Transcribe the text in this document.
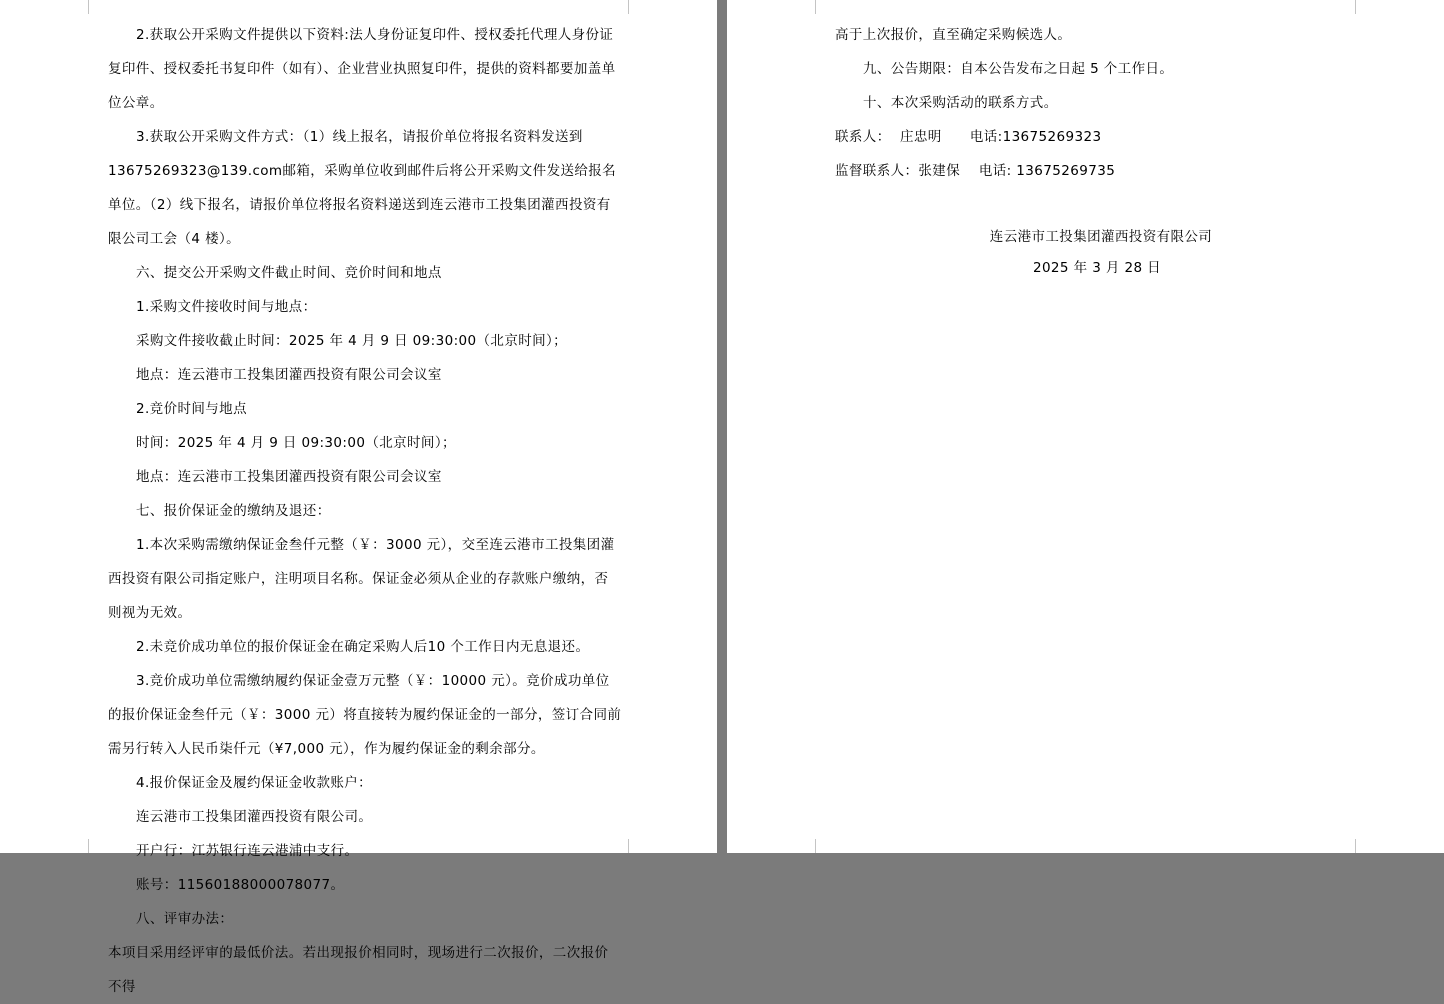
2.获取公开采购文件提供以下资料:法人身份证复印件、授权委托代理人身份证复印件、授权委托书复印件（如有）、企业营业执照复印件，提供的资料都要加盖单位公章。

3.获取公开采购文件方式：（1）线上报名，请报价单位将报名资料发送到13675269323@139.com邮箱，采购单位收到邮件后将公开采购文件发送给报名单位。（2）线下报名，请报价单位将报名资料递送到连云港市工投集团灌西投资有限公司工会（4 楼）。

六、提交公开采购文件截止时间、竞价时间和地点

1.采购文件接收时间与地点：

采购文件接收截止时间：2025 年 4 月 9 日 09:30:00（北京时间）；

地点：连云港市工投集团灌西投资有限公司会议室

2.竞价时间与地点

时间：2025 年 4 月 9 日 09:30:00（北京时间）；

地点：连云港市工投集团灌西投资有限公司会议室

七、报价保证金的缴纳及退还：

1.本次采购需缴纳保证金叁仟元整（￥：3000 元），交至连云港市工投集团灌西投资有限公司指定账户，注明项目名称。保证金必须从企业的存款账户缴纳，否则视为无效。

2.未竞价成功单位的报价保证金在确定采购人后10 个工作日内无息退还。

3.竞价成功单位需缴纳履约保证金壹万元整（￥：10000 元）。竞价成功单位的报价保证金叁仟元（￥：3000 元）将直接转为履约保证金的一部分，签订合同前需另行转入人民币柒仟元（¥7,000 元），作为履约保证金的剩余部分。

4.报价保证金及履约保证金收款账户：

连云港市工投集团灌西投资有限公司。

开户行：江苏银行连云港浦中支行。

账号：11560188000078077。

八、评审办法：

本项目采用经评审的最低价法。若出现报价相同时，现场进行二次报价，二次报价不得

高于上次报价，直至确定采购候选人。

九、公告期限：自本公告发布之日起 5 个工作日。

十、本次采购活动的联系方式。

联系人：  庄忠明      电话:13675269323

监督联系人：张建保    电话: 13675269735

连云港市工投集团灌西投资有限公司

2025 年 3 月 28 日
